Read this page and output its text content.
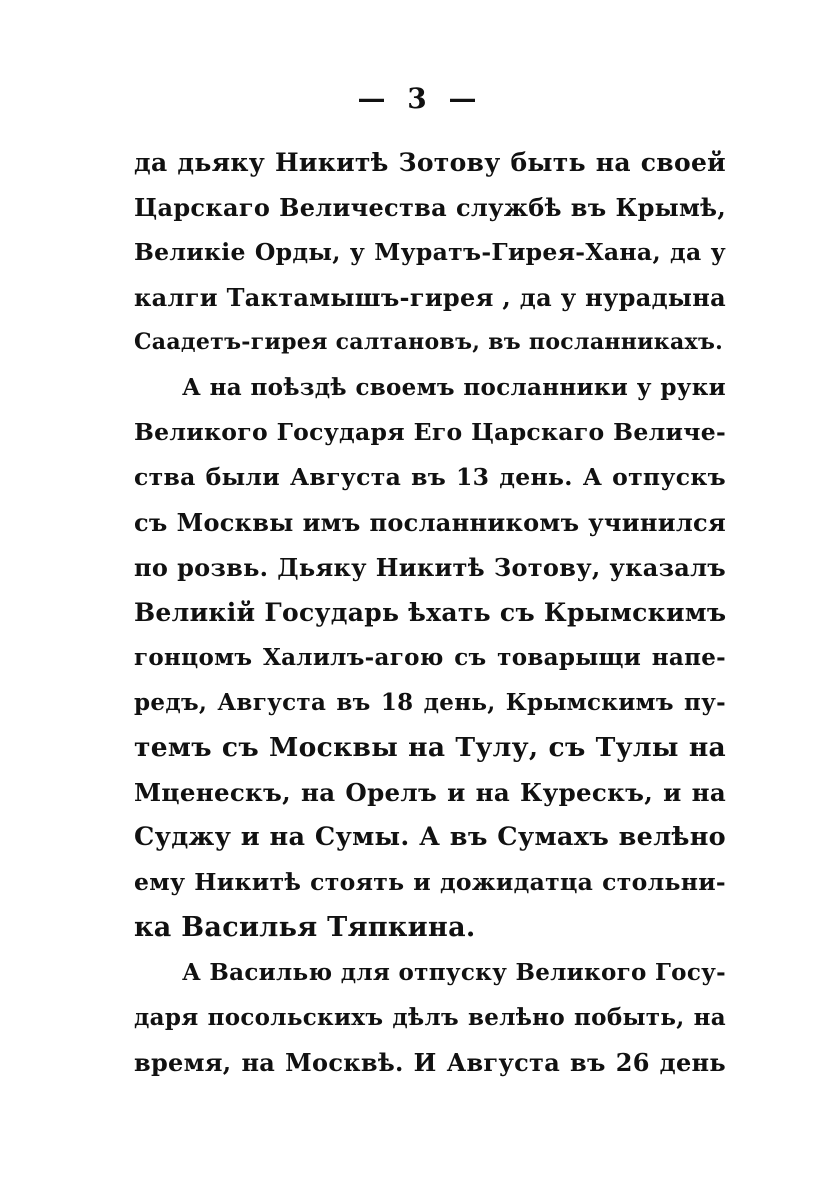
— 3 —
да дьяку Никитѣ Зотову быть на своей
Царскаго Величества службѣ въ Крымѣ,
Великіе Орды, у Муратъ-Гирея-Хана, да у
калги Тактамышъ-гирея , да у нурадына
Саадетъ-гирея салтановъ, въ посланникахъ.
А на поѣздѣ своемъ посланники у руки
Великого Государя Его Царскаго Величе-
ства были Августа въ 13 день. А отпускъ
съ Москвы имъ посланникомъ учинился
по розвь. Дьяку Никитѣ Зотову, указалъ
Великій Государь ѣхать съ Крымскимъ
гонцомъ Халилъ-агою съ товарыщи напе-
редъ, Августа въ 18 день, Крымскимъ пу-
темъ съ Москвы на Тулу, съ Тулы на
Мценескъ, на Орелъ и на Курескъ, и на
Суджу и на Сумы. А въ Сумахъ велѣно
ему Никитѣ стоять и дожидатца стольни-
ка Василья Тяпкина.
А Василью для отпуску Великого Госу-
даря посольскихъ дѣлъ велѣно побыть, на
время, на Москвѣ. И Августа въ 26 день
